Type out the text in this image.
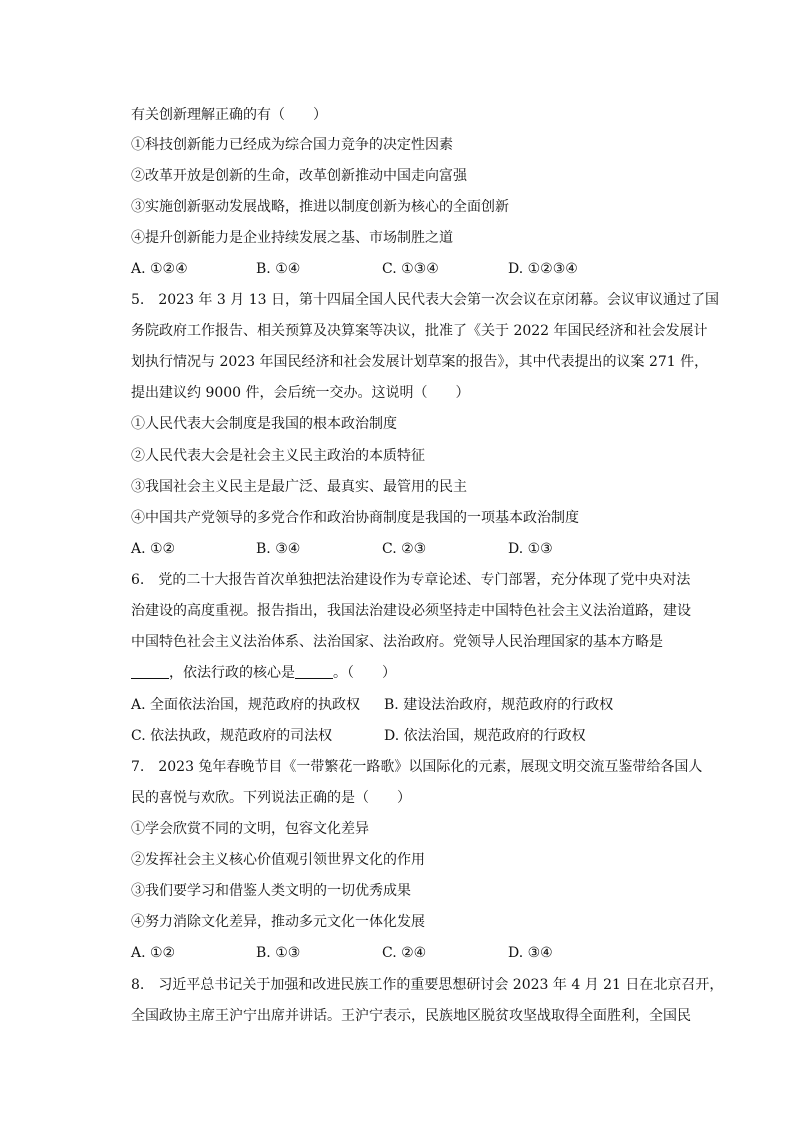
有关创新理解正确的有（　　）
①科技创新能力已经成为综合国力竞争的决定性因素
②改革开放是创新的生命，改革创新推动中国走向富强
③实施创新驱动发展战略，推进以制度创新为核心的全面创新
④提升创新能力是企业持续发展之基、市场制胜之道
A. ①②④	B. ①④	C. ①③④	D. ①②③④
5.　2023 年 3 月 13 日，第十四届全国人民代表大会第一次会议在京闭幕。会议审议通过了国
务院政府工作报告、相关预算及决算案等决议，批准了《关于 2022 年国民经济和社会发展计
划执行情况与 2023 年国民经济和社会发展计划草案的报告》，其中代表提出的议案 271 件，
提出建议约 9000 件，会后统一交办。这说明（　　）
①人民代表大会制度是我国的根本政治制度
②人民代表大会是社会主义民主政治的本质特征
③我国社会主义民主是最广泛、最真实、最管用的民主
④中国共产党领导的多党合作和政治协商制度是我国的一项基本政治制度
A. ①②	B. ③④	C. ②③	D. ①③
6.　党的二十大报告首次单独把法治建设作为专章论述、专门部署，充分体现了党中央对法
治建设的高度重视。报告指出，我国法治建设必须坚持走中国特色社会主义法治道路，建设
中国特色社会主义法治体系、法治国家、法治政府。党领导人民治理国家的基本方略是
，依法行政的核心是	。（　　）
A. 全面依法治国，规范政府的执政权 B. 建设法治政府，规范政府的行政权
C. 依法执政，规范政府的司法权	D. 依法治国，规范政府的行政权
7.　2023 兔年春晚节目《一带繁花一路歌》以国际化的元素，展现文明交流互鉴带给各国人
民的喜悦与欢欣。下列说法正确的是（　　）
①学会欣赏不同的文明，包容文化差异
②发挥社会主义核心价值观引领世界文化的作用
③我们要学习和借鉴人类文明的一切优秀成果
④努力消除文化差异，推动多元文化一体化发展
A. ①②	B. ①③	C. ②④	D. ③④
8.　习近平总书记关于加强和改进民族工作的重要思想研讨会 2023 年 4 月 21 日在北京召开，
全国政协主席王沪宁出席并讲话。王沪宁表示，民族地区脱贫攻坚战取得全面胜利，全国民
